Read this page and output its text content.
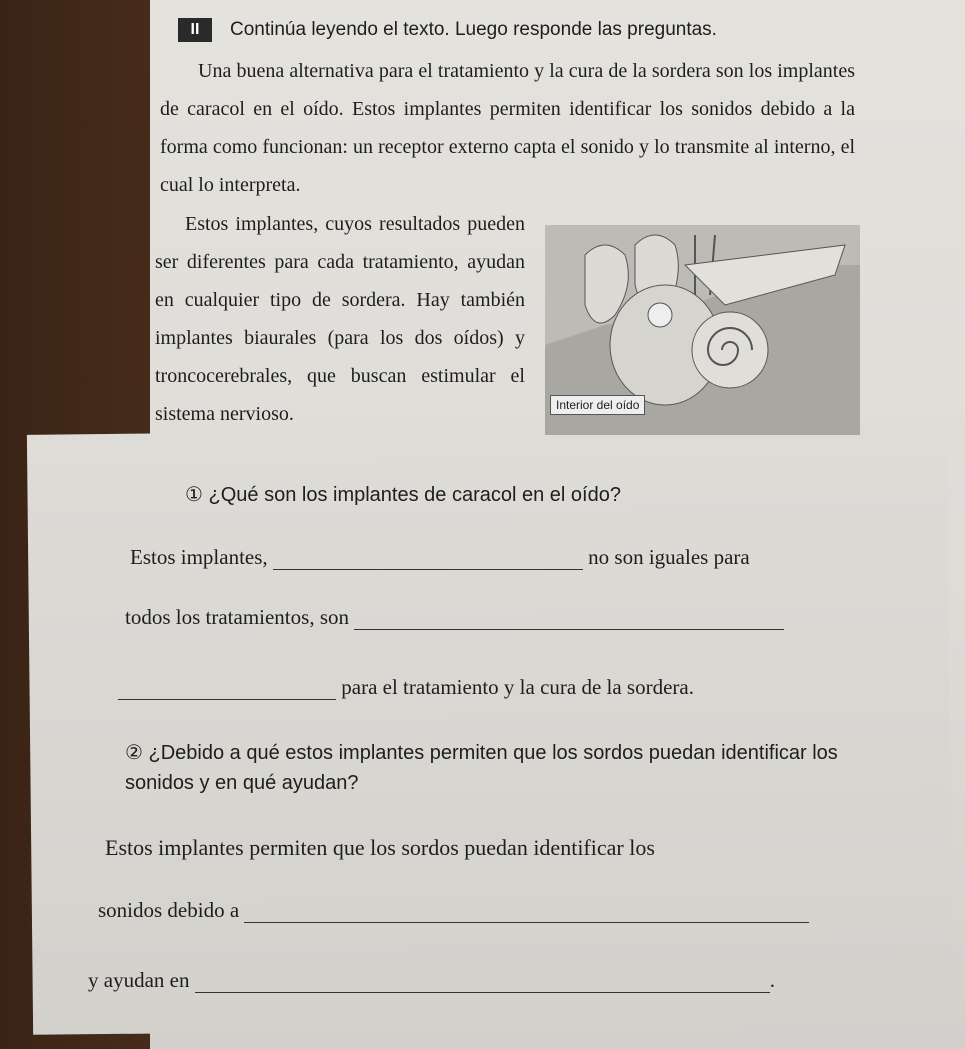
II	Continúa leyendo el texto. Luego responde las preguntas.
Una buena alternativa para el tratamiento y la cura de la sordera son los implantes de caracol en el oído. Estos implantes permiten identificar los sonidos debido a la forma como funcionan: un receptor externo capta el sonido y lo transmite al interno, el cual lo interpreta.
Estos implantes, cuyos resultados pueden ser diferentes para cada tratamiento, ayudan en cualquier tipo de sordera. Hay también implantes biaurales (para los dos oídos) y troncocerebrales, que buscan estimular el sistema nervioso.	Interior del oído
① ¿Qué son los implantes de caracol en el oído?
Estos implantes,	no son iguales para
todos los tratamientos, son
para el tratamiento y la cura de la sordera.
② ¿Debido a qué estos implantes permiten que los sordos puedan identificar los sonidos y en qué ayudan?
Estos implantes permiten que los sordos puedan identificar los
sonidos debido a
y ayudan en	.
